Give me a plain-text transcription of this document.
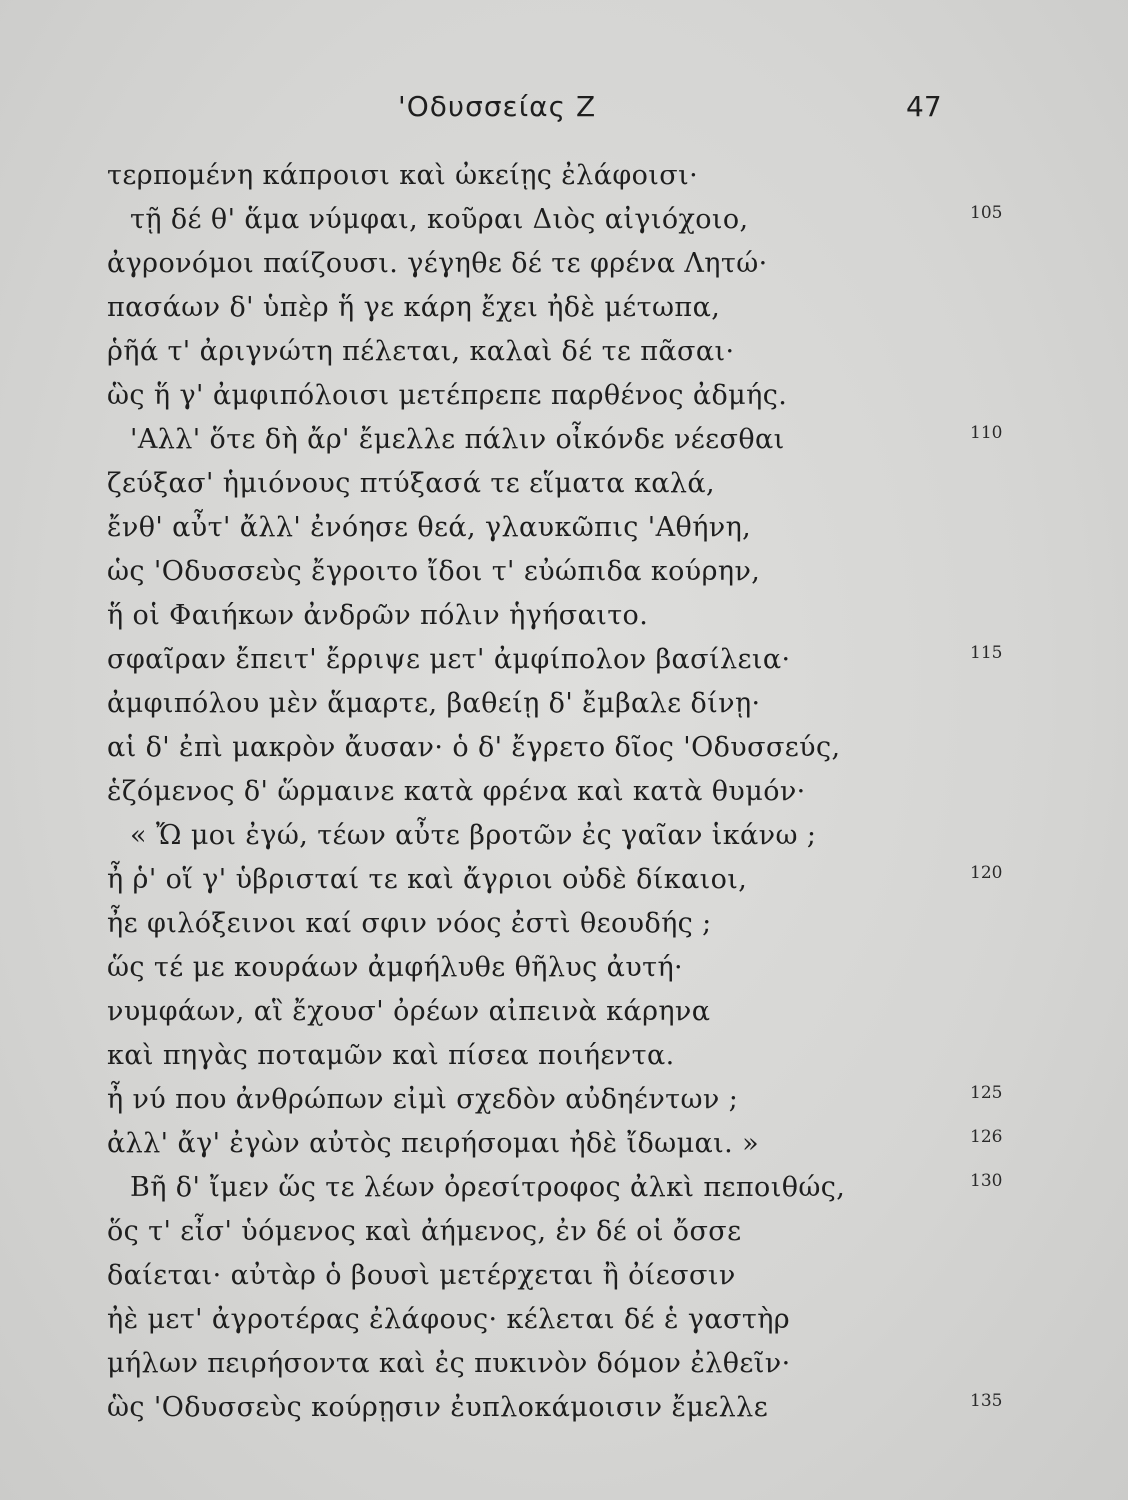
'Οδυσσείας Ζ	47
τερπομένη κάπροισι καὶ ὠκείῃς ἐλάφοισι·
τῇ δέ θ' ἅμα νύμφαι, κοῦραι Διὸς αἰγιόχοιο,
ἀγρονόμοι παίζουσι. γέγηθε δέ τε φρένα Λητώ·
πασάων δ' ὑπὲρ ἥ γε κάρη ἔχει ἠδὲ μέτωπα,
ῥῆά τ' ἀριγνώτη πέλεται, καλαὶ δέ τε πᾶσαι·
ὣς ἥ γ' ἀμφιπόλοισι μετέπρεπε παρθένος ἀδμής.
'Αλλ' ὅτε δὴ ἄρ' ἔμελλε πάλιν οἶκόνδε νέεσθαι
ζεύξασ' ἡμιόνους πτύξασά τε εἵματα καλά,
ἔνθ' αὖτ' ἄλλ' ἐνόησε θεά, γλαυκῶπις 'Αθήνη,
ὡς 'Οδυσσεὺς ἔγροιτο ἴδοι τ' εὐώπιδα κούρην,
ἥ οἱ Φαιήκων ἀνδρῶν πόλιν ἡγήσαιτο.
σφαῖραν ἔπειτ' ἔρριψε μετ' ἀμφίπολον βασίλεια·
ἀμφιπόλου μὲν ἅμαρτε, βαθείῃ δ' ἔμβαλε δίνῃ·
αἱ δ' ἐπὶ μακρὸν ἄυσαν· ὁ δ' ἔγρετο δῖος 'Οδυσσεύς,
ἑζόμενος δ' ὥρμαινε κατὰ φρένα καὶ κατὰ θυμόν·
« Ὤ μοι ἐγώ, τέων αὖτε βροτῶν ἐς γαῖαν ἱκάνω ;
ἦ ῥ' οἵ γ' ὑβρισταί τε καὶ ἄγριοι οὐδὲ δίκαιοι,
ἦε φιλόξεινοι καί σφιν νόος ἐστὶ θεουδής ;
ὥς τέ με κουράων ἀμφήλυθε θῆλυς ἀυτή·
νυμφάων, αἳ ἔχουσ' ὀρέων αἰπεινὰ κάρηνα
καὶ πηγὰς ποταμῶν καὶ πίσεα ποιήεντα.
ἦ νύ που ἀνθρώπων εἰμὶ σχεδὸν αὐδηέντων ;
ἀλλ' ἄγ' ἐγὼν αὐτὸς πειρήσομαι ἠδὲ ἴδωμαι. »
Βῆ δ' ἴμεν ὥς τε λέων ὀρεσίτροφος ἀλκὶ πεποιθώς,
ὅς τ' εἶσ' ὑόμενος καὶ ἀήμενος, ἐν δέ οἱ ὄσσε
δαίεται· αὐτὰρ ὁ βουσὶ μετέρχεται ἢ ὀίεσσιν
ἠὲ μετ' ἀγροτέρας ἐλάφους· κέλεται δέ ἑ γαστὴρ
μήλων πειρήσοντα καὶ ἐς πυκινὸν δόμον ἐλθεῖν·
ὣς 'Οδυσσεὺς κούρῃσιν ἐυπλοκάμοισιν ἔμελλε
105
110
115
120
125
126
130
135
